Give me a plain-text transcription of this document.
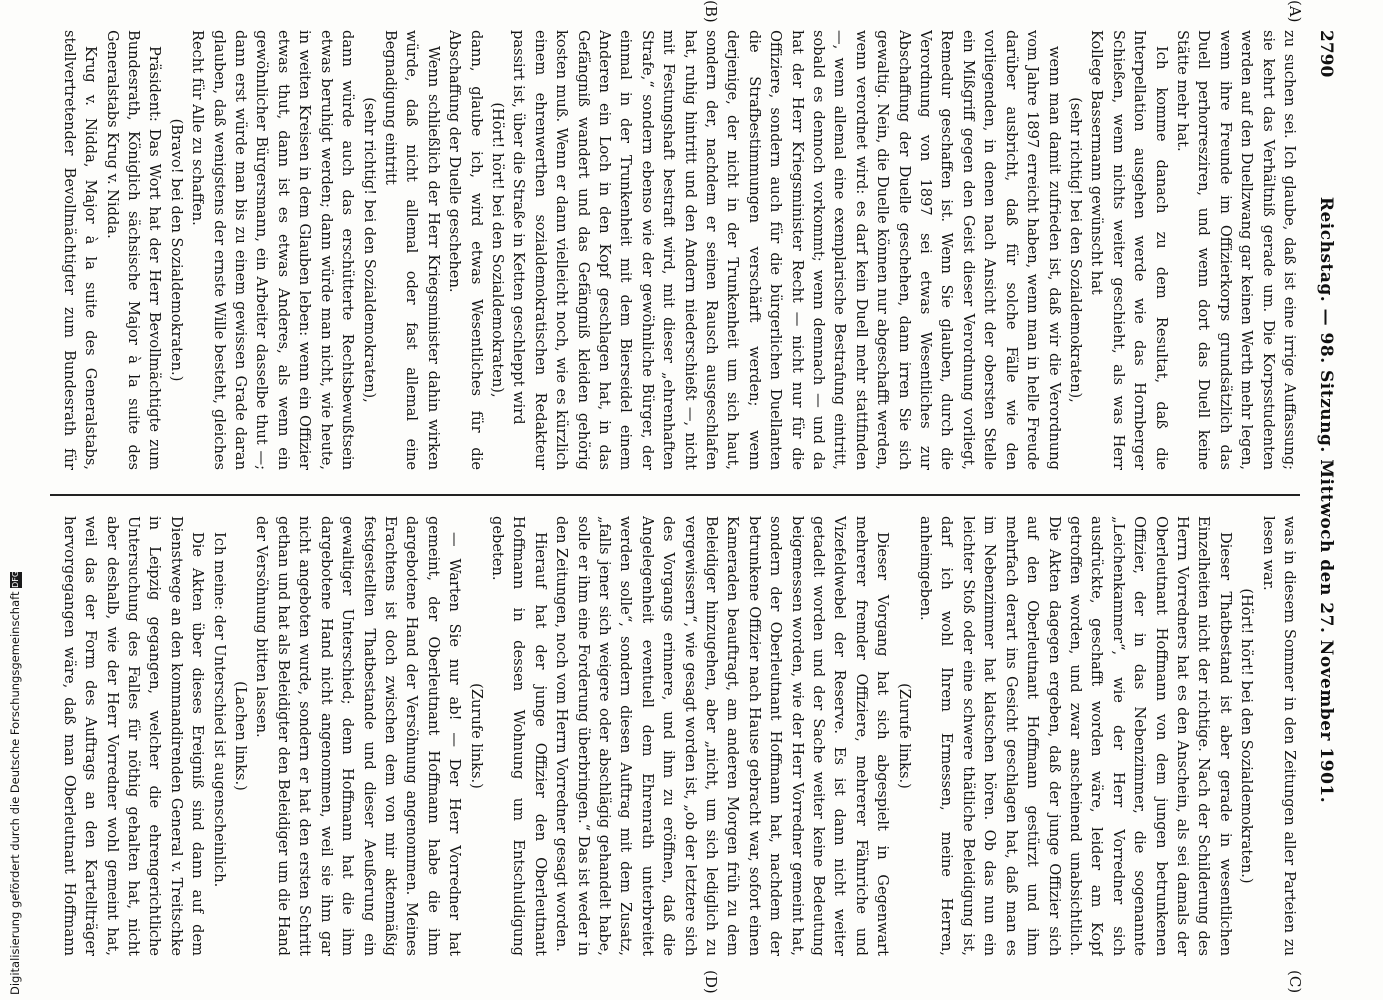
2790
Reichstag. — 98. Sitzung. Mittwoch den 27. November 1901.
(A)
(B)
(C)
(D)

zu suchen sei. Ich glaube, daß ist eine irrige Auffassung; sie kehrt das Verhältniß gerade um. Die Korpsstudenten werden auf den Duellzwang gar keinen Werth mehr legen, wenn ihre Freunde im Offizierkorps grundsätzlich das Duell perhorresziren, und wenn dort das Duell keine Stätte mehr hat.

Ich komme danach zu dem Resultat, daß die Interpellation ausgehen werde wie das Hornberger Schießen, wenn nichts weiter geschieht, als was Herr Kollege Bassermann gewünscht hat

(sehr richtig! bei den Sozialdemokraten),

wenn man damit zufrieden ist, daß wir die Verordnung vom Jahre 1897 erreicht haben, wenn man in helle Freude darüber ausbricht, daß für solche Fälle wie den vorliegenden, in denen nach Ansicht der obersten Stelle ein Mißgriff gegen den Geist dieser Verordnung vorliegt, Remedur geschaffen ist. Wenn Sie glauben, durch die Verordnung von 1897 sei etwas Wesentliches zur Abschaffung der Duelle geschehen, dann irren Sie sich gewaltig. Nein, die Duelle können nur abgeschafft werden, wenn verordnet wird: es darf kein Duell mehr stattfinden —, wenn allemal eine exemplarische Bestrafung eintritt, sobald es dennoch vorkommt; wenn demnach — und da hat der Herr Kriegsminister Recht — nicht nur für die Offiziere, sondern auch für die bürgerlichen Duellanten die Strafbestimmungen verschärft werden; wenn derjenige, der nicht in der Trunkenheit um sich haut, sondern der, nachdem er seinen Rausch ausgeschlafen hat, ruhig hintritt und den Andern niederschießt —, nicht mit Festungshaft bestraft wird, mit dieser „ehrenhaften Strafe,“ sondern ebenso wie der gewöhnliche Bürger, der einmal in der Trunkenheit mit dem Bierseidel einem Anderen ein Loch in den Kopf geschlagen hat, in das Gefängniß wandert und das Gefängniß kleiden gehörig kosten muß. Wenn er dann vielleicht noch, wie es kürzlich einem ehrenwerthen sozialdemokratischen Redakteur passirt ist, über die Straße in Ketten geschleppt wird

(Hört! hört! bei den Sozialdemokraten),

dann, glaube ich, wird etwas Wesentliches für die Abschaffung der Duelle geschehen.

Wenn schließlich der Herr Kriegsminister dahin wirken würde, daß nicht allemal oder fast allemal eine Begnadigung eintritt

(sehr richtig! bei den Sozialdemokraten),

dann würde auch das erschütterte Rechtsbewußtsein etwas beruhigt werden; dann würde man nicht, wie heute, in weiten Kreisen in dem Glauben leben: wenn ein Offizier etwas thut, dann ist es etwas Anderes, als wenn ein gewöhnlicher Bürgersmann, ein Arbeiter dasselbe thut —; dann erst würde man bis zu einem gewissen Grade daran glauben, daß wenigstens der ernste Wille besteht, gleiches Recht für Alle zu schaffen.

(Bravo! bei den Sozialdemokraten.)

Präsident: Das Wort hat der Herr Bevollmächtigte zum Bundesrath, Königlich sächsische Major à la suite des Generalstabs Krug v. Nidda.

Krug v. Nidda, Major à la suite des Generalstabs, stellvertretender Bevollmächtigter zum Bundesrath für

was in diesem Sommer in den Zeitungen aller Parteien zu lesen war.

(Hört! hört! bei den Sozialdemokraten.)

Dieser Thatbestand ist aber gerade in wesentlichen Einzelheiten nicht der richtige. Nach der Schilderung des Herrn Vorredners hat es den Anschein, als sei damals der Oberleutnant Hoffmann von dem jungen betrunkenen Offizier, der in das Nebenzimmer, die sogenannte „Leichenkammer“, wie der Herr Vorredner sich ausdrückte, geschafft worden wäre, leider am Kopf getroffen worden, und zwar anscheinend unabsichtlich. Die Akten dagegen ergeben, daß der junge Offizier sich auf den Oberleutnant Hoffmann gestürzt und ihm mehrfach derart ins Gesicht geschlagen hat, daß man es im Nebenzimmer hat klatschen hören. Ob das nun ein leichter Stoß oder eine schwere thätliche Beleidigung ist, darf ich wohl Ihrem Ermessen, meine Herren, anheimgeben.

(Zurufe links.)

Dieser Vorgang hat sich abgespielt in Gegenwart mehrerer fremder Offiziere, mehrerer Fähnriche und Vizefeldwebel der Reserve. Es ist dann nicht weiter getadelt worden und der Sache weiter keine Bedeutung beigemessen worden, wie der Herr Vorredner gemeint hat, sondern der Oberleutnant Hoffmann hat, nachdem der betrunkene Offizier nach Hause gebracht war, sofort einen Kameraden beauftragt, am anderen Morgen früh zu dem Beleidiger hinzugehen, aber „nicht, um sich lediglich zu vergewissern“, wie gesagt worden ist, „ob der letztere sich des Vorgangs erinnere, und ihm zu eröffnen, daß die Angelegenheit eventuell dem Ehrenrath unterbreitet werden solle“, sondern diesen Auftrag mit dem Zusatz, „falls jener sich weigere oder abschlägig gehandelt habe, solle er ihm eine Forderung überbringen.“ Das ist weder in den Zeitungen, noch vom Herrn Vorredner gesagt worden.

Hierauf hat der junge Offizier den Oberleutnant Hoffmann in dessen Wohnung um Entschuldigung gebeten.

(Zurufe links.)

— Warten Sie nur ab! — Der Herr Vorredner hat gemeint, der Oberleutnant Hoffmann habe die ihm dargebotene Hand der Versöhnung angenommen. Meines Erachtens ist doch zwischen dem von mir aktenmäßig festgestellten Thatbestande und dieser Aeußerung ein gewaltiger Unterschied; denn Hoffmann hat die ihm dargebotene Hand nicht angenommen, weil sie ihm gar nicht angeboten wurde, sondern er hat den ersten Schritt gethan und hat als Beleidigter den Beleidiger um die Hand der Versöhnung bitten lassen.

(Lachen links.)

Ich meine: der Unterschied ist augenscheinlich.

Die Akten über dieses Ereigniß sind dann auf dem Dienstwege an den kommandirenden General v. Treitschke in Leipzig gegangen, welcher die ehrengerichtliche Untersuchung des Falles für nöthig gehalten hat, nicht aber deshalb, wie der Herr Vorredner wohl gemeint hat, weil das der Form des Auftrags an den Kartellträger hervorgegangen wäre, daß man Oberleutnant Hoffmann

Digitalisierung gefördert durch die Deutsche Forschungsgemeinschaft DFG
